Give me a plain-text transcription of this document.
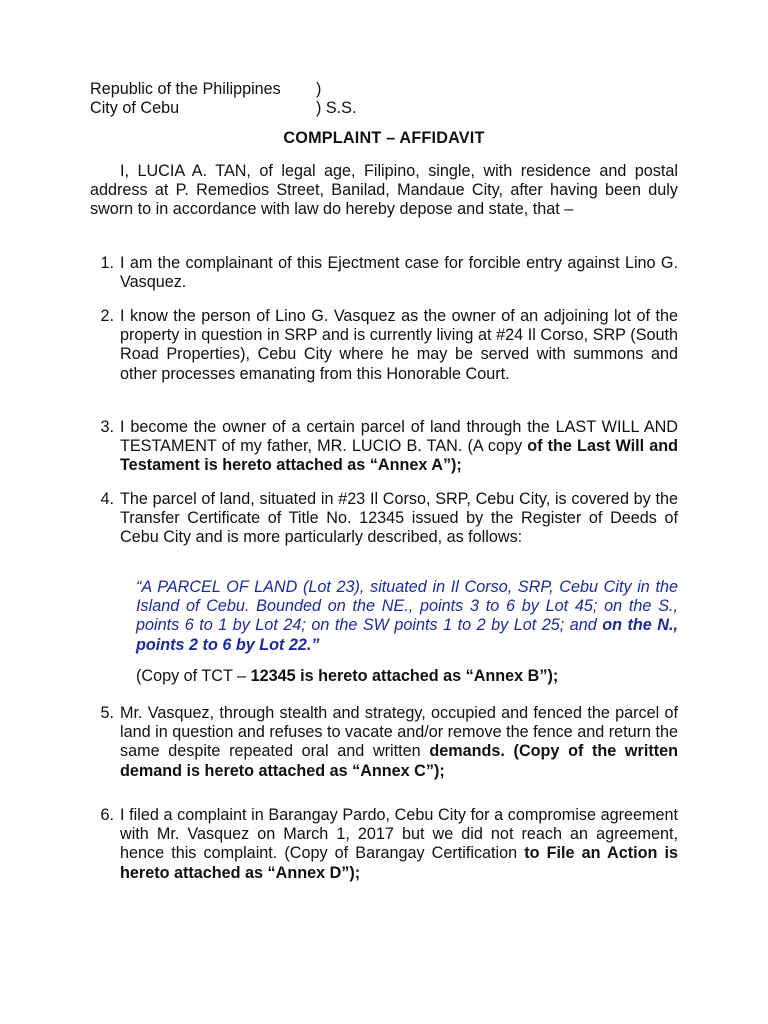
Republic of the Philippines	)
City of Cebu	) S.S.
COMPLAINT – AFFIDAVIT
I, LUCIA A. TAN, of legal age, Filipino, single, with residence and postal address at P. Remedios Street, Banilad, Mandaue City, after having been duly sworn to in accordance with law do hereby depose and state, that –
1. I am the complainant of this Ejectment case for forcible entry against Lino G. Vasquez.
2. I know the person of Lino G. Vasquez as the owner of an adjoining lot of the property in question in SRP and is currently living at #24 Il Corso, SRP (South Road Properties), Cebu City where he may be served with summons and other processes emanating from this Honorable Court.
3. I become the owner of a certain parcel of land through the LAST WILL AND TESTAMENT of my father, MR. LUCIO B. TAN. (A copy of the Last Will and Testament is hereto attached as “Annex A”);
4. The parcel of land, situated in #23 Il Corso, SRP, Cebu City, is covered by the Transfer Certificate of Title No. 12345 issued by the Register of Deeds of Cebu City and is more particularly described, as follows:
“A PARCEL OF LAND (Lot 23), situated in Il Corso, SRP, Cebu City in the Island of Cebu. Bounded on the NE., points 3 to 6 by Lot 45; on the S., points 6 to 1 by Lot 24; on the SW points 1 to 2 by Lot 25; and on the N., points 2 to 6 by Lot 22.”
(Copy of TCT – 12345 is hereto attached as “Annex B”);
5. Mr. Vasquez, through stealth and strategy, occupied and fenced the parcel of land in question and refuses to vacate and/or remove the fence and return the same despite repeated oral and written demands. (Copy of the written demand is hereto attached as “Annex C”);
6. I filed a complaint in Barangay Pardo, Cebu City for a compromise agreement with Mr. Vasquez on March 1, 2017 but we did not reach an agreement, hence this complaint. (Copy of Barangay Certification to File an Action is hereto attached as “Annex D”);
